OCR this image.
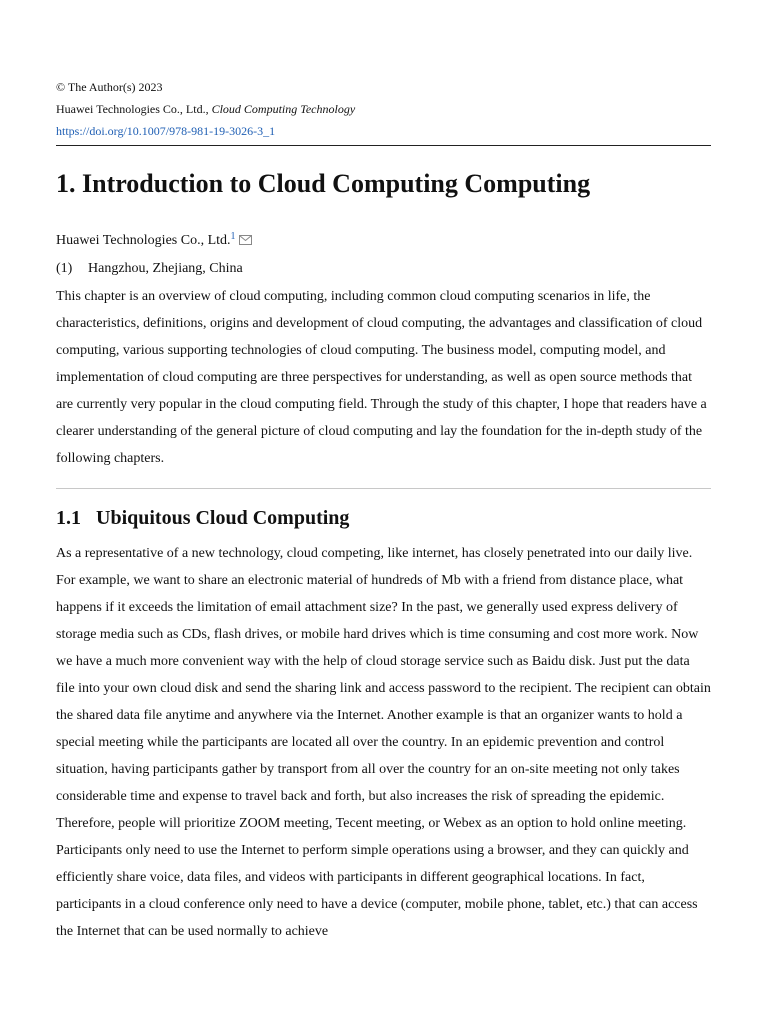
© The Author(s) 2023
Huawei Technologies Co., Ltd., Cloud Computing Technology
https://doi.org/10.1007/978-981-19-3026-3_1
1. Introduction to Cloud Computing Computing
Huawei Technologies Co., Ltd.$^1$
(1) Hangzhou, Zhejiang, China

This chapter is an overview of cloud computing, including common cloud computing scenarios in life, the characteristics, definitions, origins and development of cloud computing, the advantages and classification of cloud computing, various supporting technologies of cloud computing. The business model, computing model, and implementation of cloud computing are three perspectives for understanding, as well as open source methods that are currently very popular in the cloud computing field. Through the study of this chapter, I hope that readers have a clearer understanding of the general picture of cloud computing and lay the foundation for the in-depth study of the following chapters.

1.1 Ubiquitous Cloud Computing

As a representative of a new technology, cloud competing, like internet, has closely penetrated into our daily live. For example, we want to share an electronic material of hundreds of Mb with a friend from distance place, what happens if it exceeds the limitation of email attachment size? In the past, we generally used express delivery of storage media such as CDs, flash drives, or mobile hard drives which is time consuming and cost more work. Now we have a much more convenient way with the help of cloud storage service such as Baidu disk. Just put the data file into your own cloud disk and send the sharing link and access password to the recipient. The recipient can obtain the shared data file anytime and anywhere via the Internet. Another example is that an organizer wants to hold a special meeting while the participants are located all over the country. In an epidemic prevention and control situation, having participants gather by transport from all over the country for an on-site meeting not only takes considerable time and expense to travel back and forth, but also increases the risk of spreading the epidemic. Therefore, people will prioritize ZOOM meeting, Tecent meeting, or Webex as an option to hold online meeting. Participants only need to use the Internet to perform simple operations using a browser, and they can quickly and efficiently share voice, data files, and videos with participants in different geographical locations. In fact, participants in a cloud conference only need to have a device (computer, mobile phone, tablet, etc.) that can access the Internet that can be used normally to achieve
